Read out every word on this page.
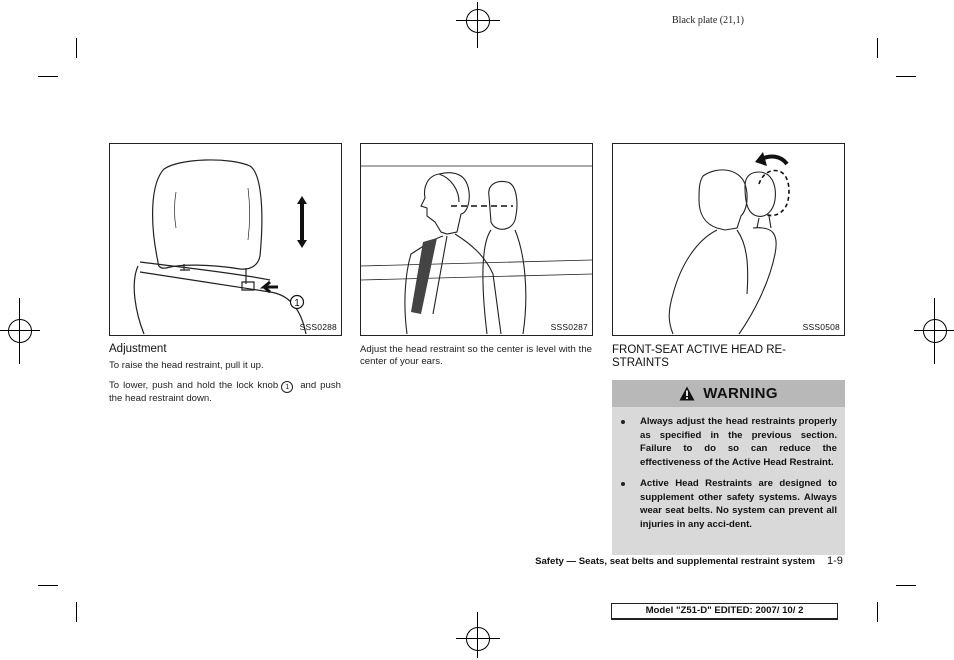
Black plate (21,1)
1
SSS0288	SSS0287	SSS0508
Adjustment
To raise the head restraint, pull it up.
To lower, push and hold the lock knob 1 and push the head restraint down.
Adjust the head restraint so the center is level with the center of your ears.
FRONT-SEAT ACTIVE HEAD RE-
STRAINTS
WARNING
Always adjust the head restraints properly as specified in the previous section. Failure to do so can reduce the effectiveness of the Active Head Restraint.
Active Head Restraints are designed to supplement other safety systems. Always wear seat belts. No system can prevent all injuries in any acci-dent.
Safety — Seats, seat belts and supplemental restraint system 1-9
Model "Z51-D" EDITED: 2007/ 10/ 2
